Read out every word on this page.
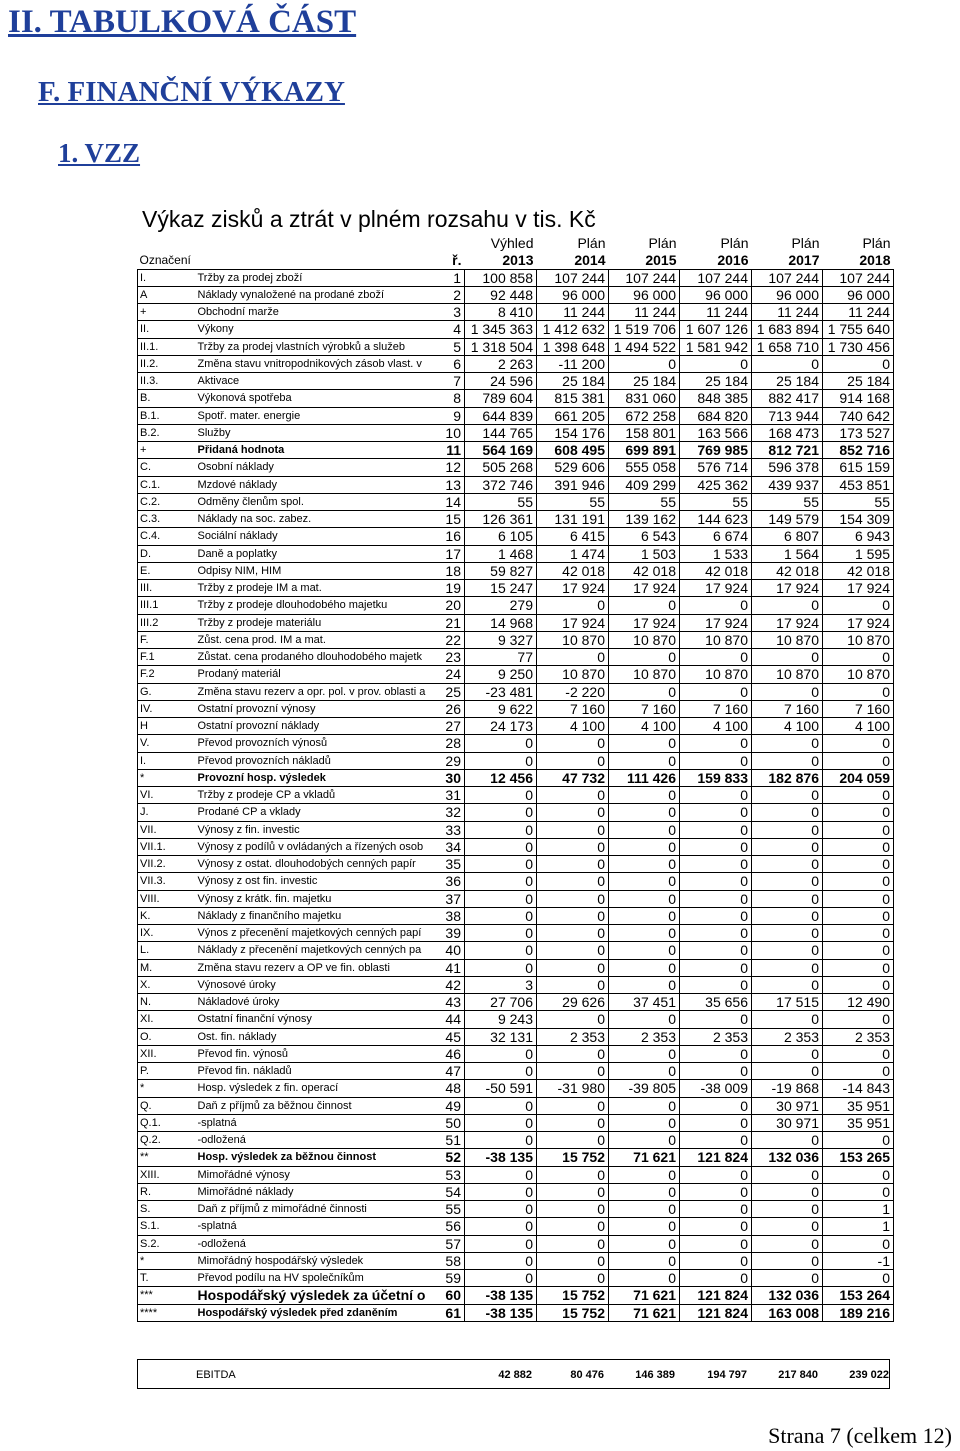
II. TABULKOVÁ ČÁST
F. FINANČNÍ VÝKAZY
1. VZZ
Výkaz zisků a ztrát v plném rozsahu v tis. Kč
			Výhled	Plán	Plán	Plán	Plán	Plán
Označení		ř.	2013	2014	2015	2016	2017	2018
I.	Tržby za prodej zboží	1	100 858	107 244	107 244	107 244	107 244	107 244
A	Náklady vynaložené na prodané zboží	2	92 448	96 000	96 000	96 000	96 000	96 000
+	Obchodní marže	3	8 410	11 244	11 244	11 244	11 244	11 244
II.	Výkony	4	1 345 363	1 412 632	1 519 706	1 607 126	1 683 894	1 755 640
II.1.	Tržby za prodej vlastních výrobků a služeb	5	1 318 504	1 398 648	1 494 522	1 581 942	1 658 710	1 730 456
II.2.	Změna stavu vnitropodnikových zásob vlast. v	6	2 263	-11 200	0	0	0	0
II.3.	Aktivace	7	24 596	25 184	25 184	25 184	25 184	25 184
B.	Výkonová spotřeba	8	789 604	815 381	831 060	848 385	882 417	914 168
B.1.	Spotř. mater. energie	9	644 839	661 205	672 258	684 820	713 944	740 642
B.2.	Služby	10	144 765	154 176	158 801	163 566	168 473	173 527
+	Přidaná hodnota	11	564 169	608 495	699 891	769 985	812 721	852 716
C.	Osobní náklady	12	505 268	529 606	555 058	576 714	596 378	615 159
C.1.	Mzdové náklady	13	372 746	391 946	409 299	425 362	439 937	453 851
C.2.	Odměny členům spol.	14	55	55	55	55	55	55
C.3.	Náklady na soc. zabez.	15	126 361	131 191	139 162	144 623	149 579	154 309
C.4.	Sociální náklady	16	6 105	6 415	6 543	6 674	6 807	6 943
D.	Daně a poplatky	17	1 468	1 474	1 503	1 533	1 564	1 595
E.	Odpisy NIM, HIM	18	59 827	42 018	42 018	42 018	42 018	42 018
III.	Tržby z prodeje IM a mat.	19	15 247	17 924	17 924	17 924	17 924	17 924
III.1	Tržby z prodeje dlouhodobého majetku	20	279	0	0	0	0	0
III.2	Tržby z prodeje materiálu	21	14 968	17 924	17 924	17 924	17 924	17 924
F.	Zůst. cena prod. IM a mat.	22	9 327	10 870	10 870	10 870	10 870	10 870
F.1	Zůstat. cena prodaného dlouhodobého majetk	23	77	0	0	0	0	0
F.2	Prodaný materiál	24	9 250	10 870	10 870	10 870	10 870	10 870
G.	Změna stavu rezerv a opr. pol. v prov. oblasti a	25	-23 481	-2 220	0	0	0	0
IV.	Ostatní provozní výnosy	26	9 622	7 160	7 160	7 160	7 160	7 160
H	Ostatní provozní náklady	27	24 173	4 100	4 100	4 100	4 100	4 100
V.	Převod provozních výnosů	28	0	0	0	0	0	0
I.	Převod provozních nákladů	29	0	0	0	0	0	0
*	Provozní hosp. výsledek	30	12 456	47 732	111 426	159 833	182 876	204 059
VI.	Tržby z prodeje CP a vkladů	31	0	0	0	0	0	0
J.	Prodané CP a vklady	32	0	0	0	0	0	0
VII.	Výnosy z fin. investic	33	0	0	0	0	0	0
VII.1.	Výnosy z podílů v ovládaných a řízených osob	34	0	0	0	0	0	0
VII.2.	Výnosy z ostat. dlouhodobých cenných papír	35	0	0	0	0	0	0
VII.3.	Výnosy z ost fin. investic	36	0	0	0	0	0	0
VIII.	Výnosy z krátk. fin. majetku	37	0	0	0	0	0	0
K.	Náklady z finančního majetku	38	0	0	0	0	0	0
IX.	Výnos z přecenění majetkových cenných papí	39	0	0	0	0	0	0
L.	Náklady z přecenění majetkových cenných pa	40	0	0	0	0	0	0
M.	Změna stavu rezerv a OP ve fin. oblasti	41	0	0	0	0	0	0
X.	Výnosové úroky	42	3	0	0	0	0	0
N.	Nákladové úroky	43	27 706	29 626	37 451	35 656	17 515	12 490
XI.	Ostatní finanční výnosy	44	9 243	0	0	0	0	0
O.	Ost. fin. náklady	45	32 131	2 353	2 353	2 353	2 353	2 353
XII.	Převod fin. výnosů	46	0	0	0	0	0	0
P.	Převod fin. nákladů	47	0	0	0	0	0	0
*	Hosp. výsledek z fin. operací	48	-50 591	-31 980	-39 805	-38 009	-19 868	-14 843
Q.	Daň z příjmů za běžnou činnost	49	0	0	0	0	30 971	35 951
Q.1.	-splatná	50	0	0	0	0	30 971	35 951
Q.2.	-odložená	51	0	0	0	0	0	0
**	Hosp. výsledek za běžnou činnost	52	-38 135	15 752	71 621	121 824	132 036	153 265
XIII.	Mimořádné výnosy	53	0	0	0	0	0	0
R.	Mimořádné náklady	54	0	0	0	0	0	0
S.	Daň z příjmů z mimořádné činnosti	55	0	0	0	0	0	1
S.1.	-splatná	56	0	0	0	0	0	1
S.2.	-odložená	57	0	0	0	0	0	0
*	Mimořádný hospodářský výsledek	58	0	0	0	0	0	-1
T.	Převod podílu na HV společníkům	59	0	0	0	0	0	0
***	Hospodářský výsledek za účetní o	60	-38 135	15 752	71 621	121 824	132 036	153 264
****	Hospodářský výsledek před zdaněním	61	-38 135	15 752	71 621	121 824	163 008	189 216
EBITDA	42 882	80 476	146 389	194 797	217 840	239 022
Strana 7 (celkem 12)
